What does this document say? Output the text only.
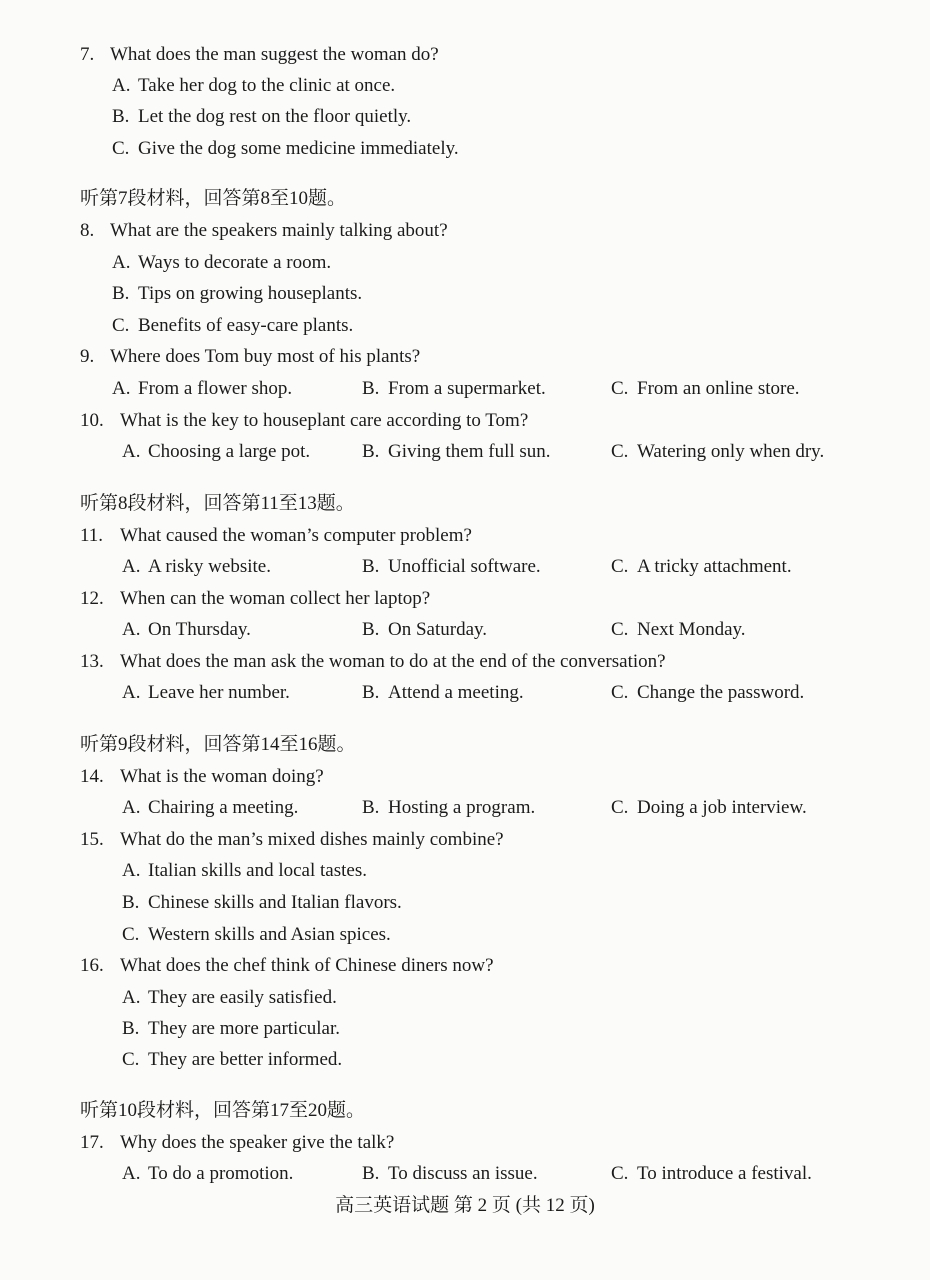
7. What does the man suggest the woman do?
A. Take her dog to the clinic at once.
B. Let the dog rest on the floor quietly.
C. Give the dog some medicine immediately.
听第7段材料，回答第8至10题。
8. What are the speakers mainly talking about?
A. Ways to decorate a room.
B. Tips on growing houseplants.
C. Benefits of easy-care plants.
9. Where does Tom buy most of his plants?
A. From a flower shop.	B. From a supermarket.	C. From an online store.
10. What is the key to houseplant care according to Tom?
A. Choosing a large pot.	B. Giving them full sun.	C. Watering only when dry.
听第8段材料，回答第11至13题。
11. What caused the woman’s computer problem?
A. A risky website.	B. Unofficial software.	C. A tricky attachment.
12. When can the woman collect her laptop?
A. On Thursday.	B. On Saturday.	C. Next Monday.
13. What does the man ask the woman to do at the end of the conversation?
A. Leave her number.	B. Attend a meeting.	C. Change the password.
听第9段材料，回答第14至16题。
14. What is the woman doing?
A. Chairing a meeting.	B. Hosting a program.	C. Doing a job interview.
15. What do the man’s mixed dishes mainly combine?
A. Italian skills and local tastes.
B. Chinese skills and Italian flavors.
C. Western skills and Asian spices.
16. What does the chef think of Chinese diners now?
A. They are easily satisfied.
B. They are more particular.
C. They are better informed.
听第10段材料，回答第17至20题。
17. Why does the speaker give the talk?
A. To do a promotion.	B. To discuss an issue.	C. To introduce a festival.
高三英语试题 第 2 页 (共 12 页)
